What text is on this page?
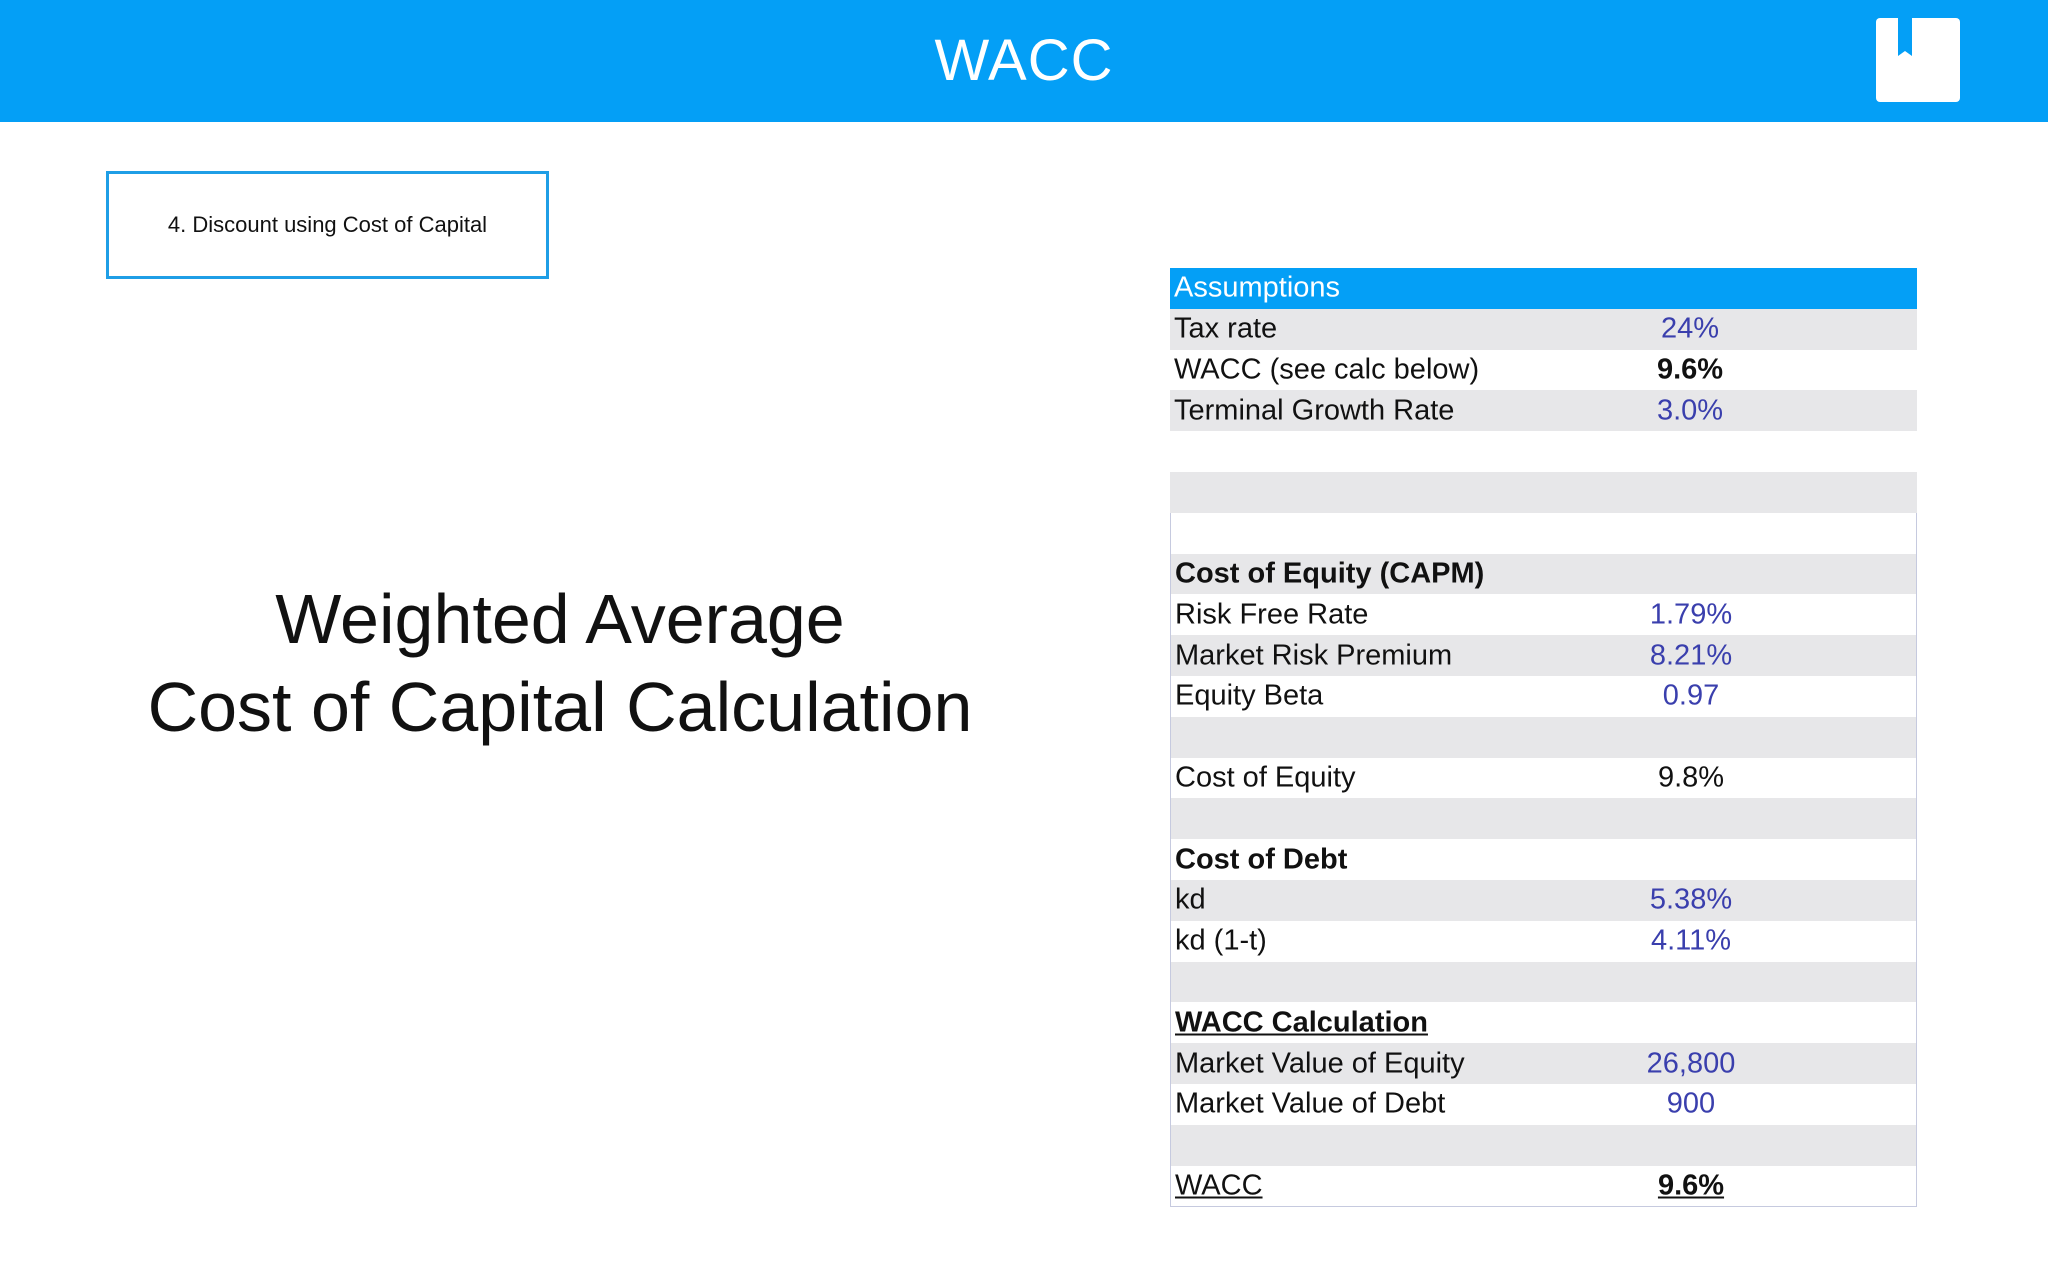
WACC
4. Discount using Cost of Capital
Weighted Average
Cost of Capital Calculation
Assumptions
Tax rate	24%
WACC (see calc below)	9.6%
Terminal Growth Rate	3.0%
Cost of Equity (CAPM)
Risk Free Rate	1.79%
Market Risk Premium	8.21%
Equity Beta	0.97
Cost of Equity	9.8%
Cost of Debt
kd	5.38%
kd (1-t)	4.11%
WACC Calculation
Market Value of Equity	26,800
Market Value of Debt	900
WACC	9.6%
